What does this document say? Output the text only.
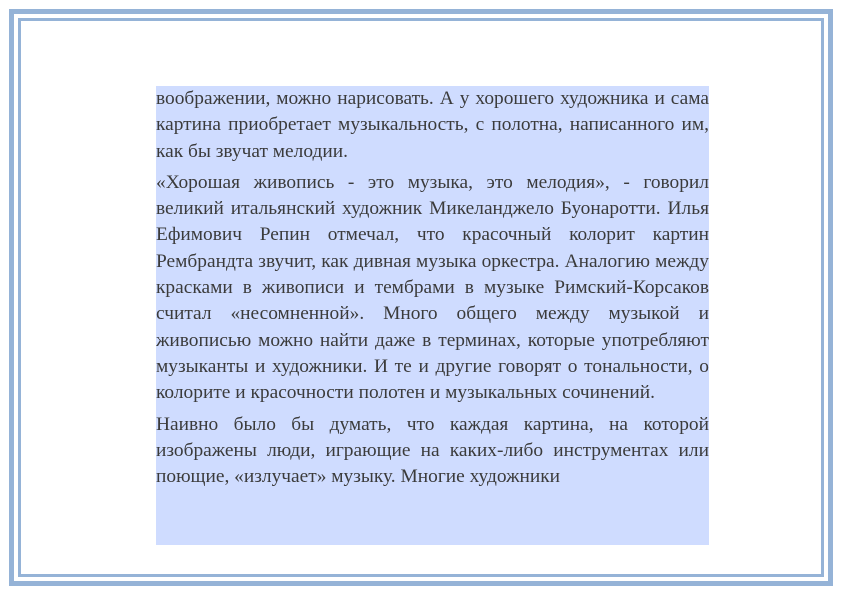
воображении, можно нарисовать. А у хорошего художника и сама картина приобретает музыкальность, с полотна, написанного им, как бы звучат мелодии.

«Хорошая живопись - это музыка, это мелодия», - говорил великий итальянский художник Микеланджело Буонаротти. Илья Ефимович Репин отмечал, что красочный колорит картин Рембрандта звучит, как дивная музыка оркестра. Аналогию между красками в живописи и тембрами в музыке Римский-Корсаков считал «несомненной». Много общего между музыкой и живописью можно найти даже в терминах, которые употребляют музыканты и художники. И те и другие говорят о тональности, о колорите и красочности полотен и музыкальных сочинений.

Наивно было бы думать, что каждая картина, на которой изображены люди, играющие на каких-либо инструментах или поющие, «излучает» музыку. Многие художники
